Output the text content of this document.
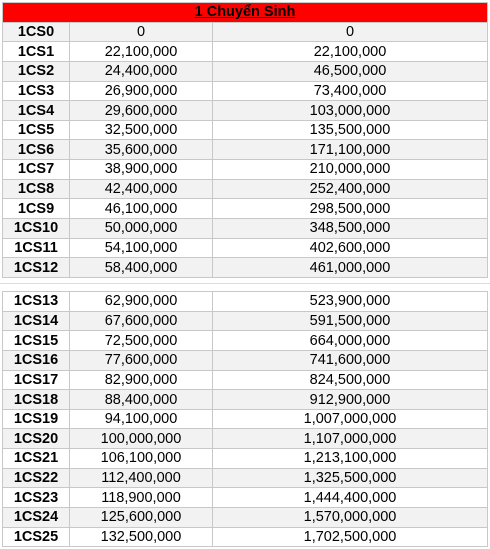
1 Chuyển Sinh		
1CS0	0	0
1CS1	22,100,000	22,100,000
1CS2	24,400,000	46,500,000
1CS3	26,900,000	73,400,000
1CS4	29,600,000	103,000,000
1CS5	32,500,000	135,500,000
1CS6	35,600,000	171,100,000
1CS7	38,900,000	210,000,000
1CS8	42,400,000	252,400,000
1CS9	46,100,000	298,500,000
1CS10	50,000,000	348,500,000
1CS11	54,100,000	402,600,000
1CS12	58,400,000	461,000,000
1CS13	62,900,000	523,900,000
1CS14	67,600,000	591,500,000
1CS15	72,500,000	664,000,000
1CS16	77,600,000	741,600,000
1CS17	82,900,000	824,500,000
1CS18	88,400,000	912,900,000
1CS19	94,100,000	1,007,000,000
1CS20	100,000,000	1,107,000,000
1CS21	106,100,000	1,213,100,000
1CS22	112,400,000	1,325,500,000
1CS23	118,900,000	1,444,400,000
1CS24	125,600,000	1,570,000,000
1CS25	132,500,000	1,702,500,000
